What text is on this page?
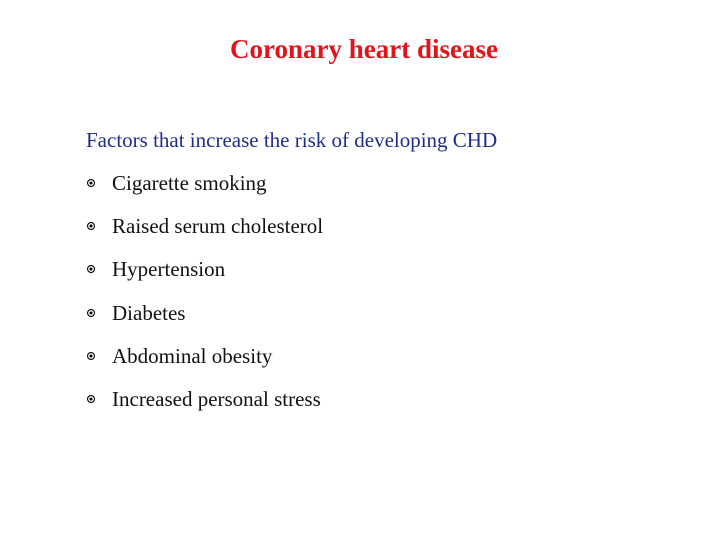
Coronary heart disease
Factors that increase the risk of developing CHD
Cigarette smoking
Raised serum cholesterol
Hypertension
Diabetes
Abdominal obesity
Increased personal stress
